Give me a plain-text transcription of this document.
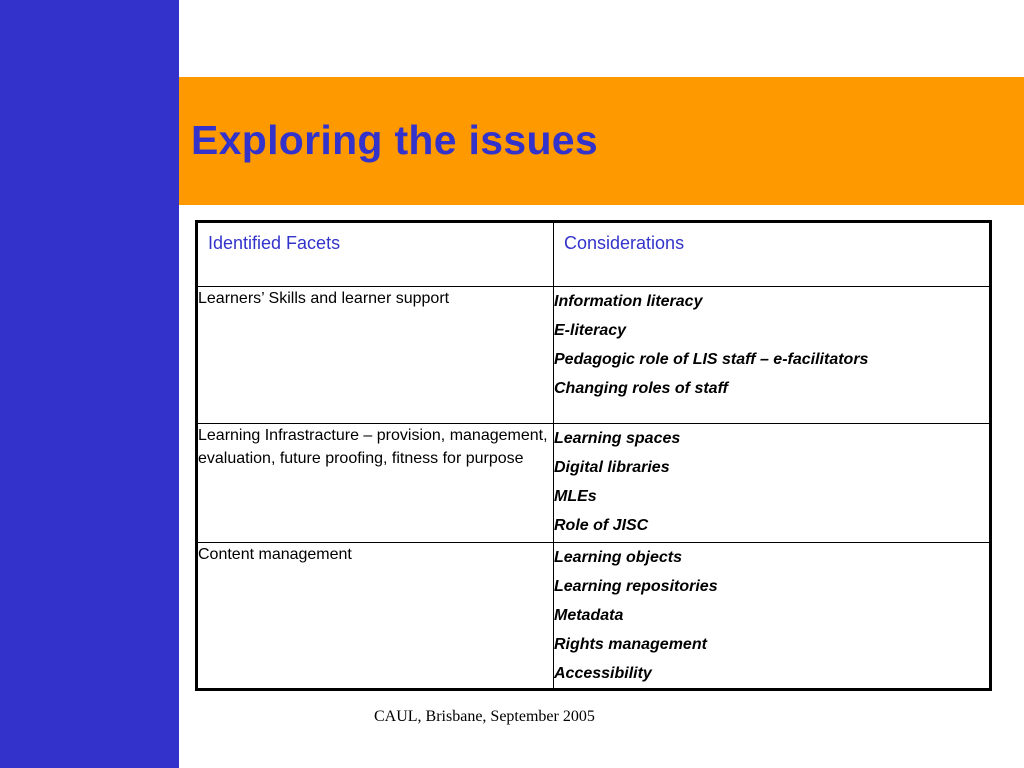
Exploring the issues
Identified Facets	Considerations
Learners’ Skills and learner support	Information literacy
E-literacy
Pedagogic role of LIS staff – e-facilitators
Changing roles of staff

Learning Infrastracture – provision, management, evaluation, future proofing, fitness for purpose	Learning spaces
Digital libraries
MLEs
Role of JISC

Content management	Learning objects
Learning repositories
Metadata
Rights management
Accessibility
CAUL, Brisbane, September 2005
